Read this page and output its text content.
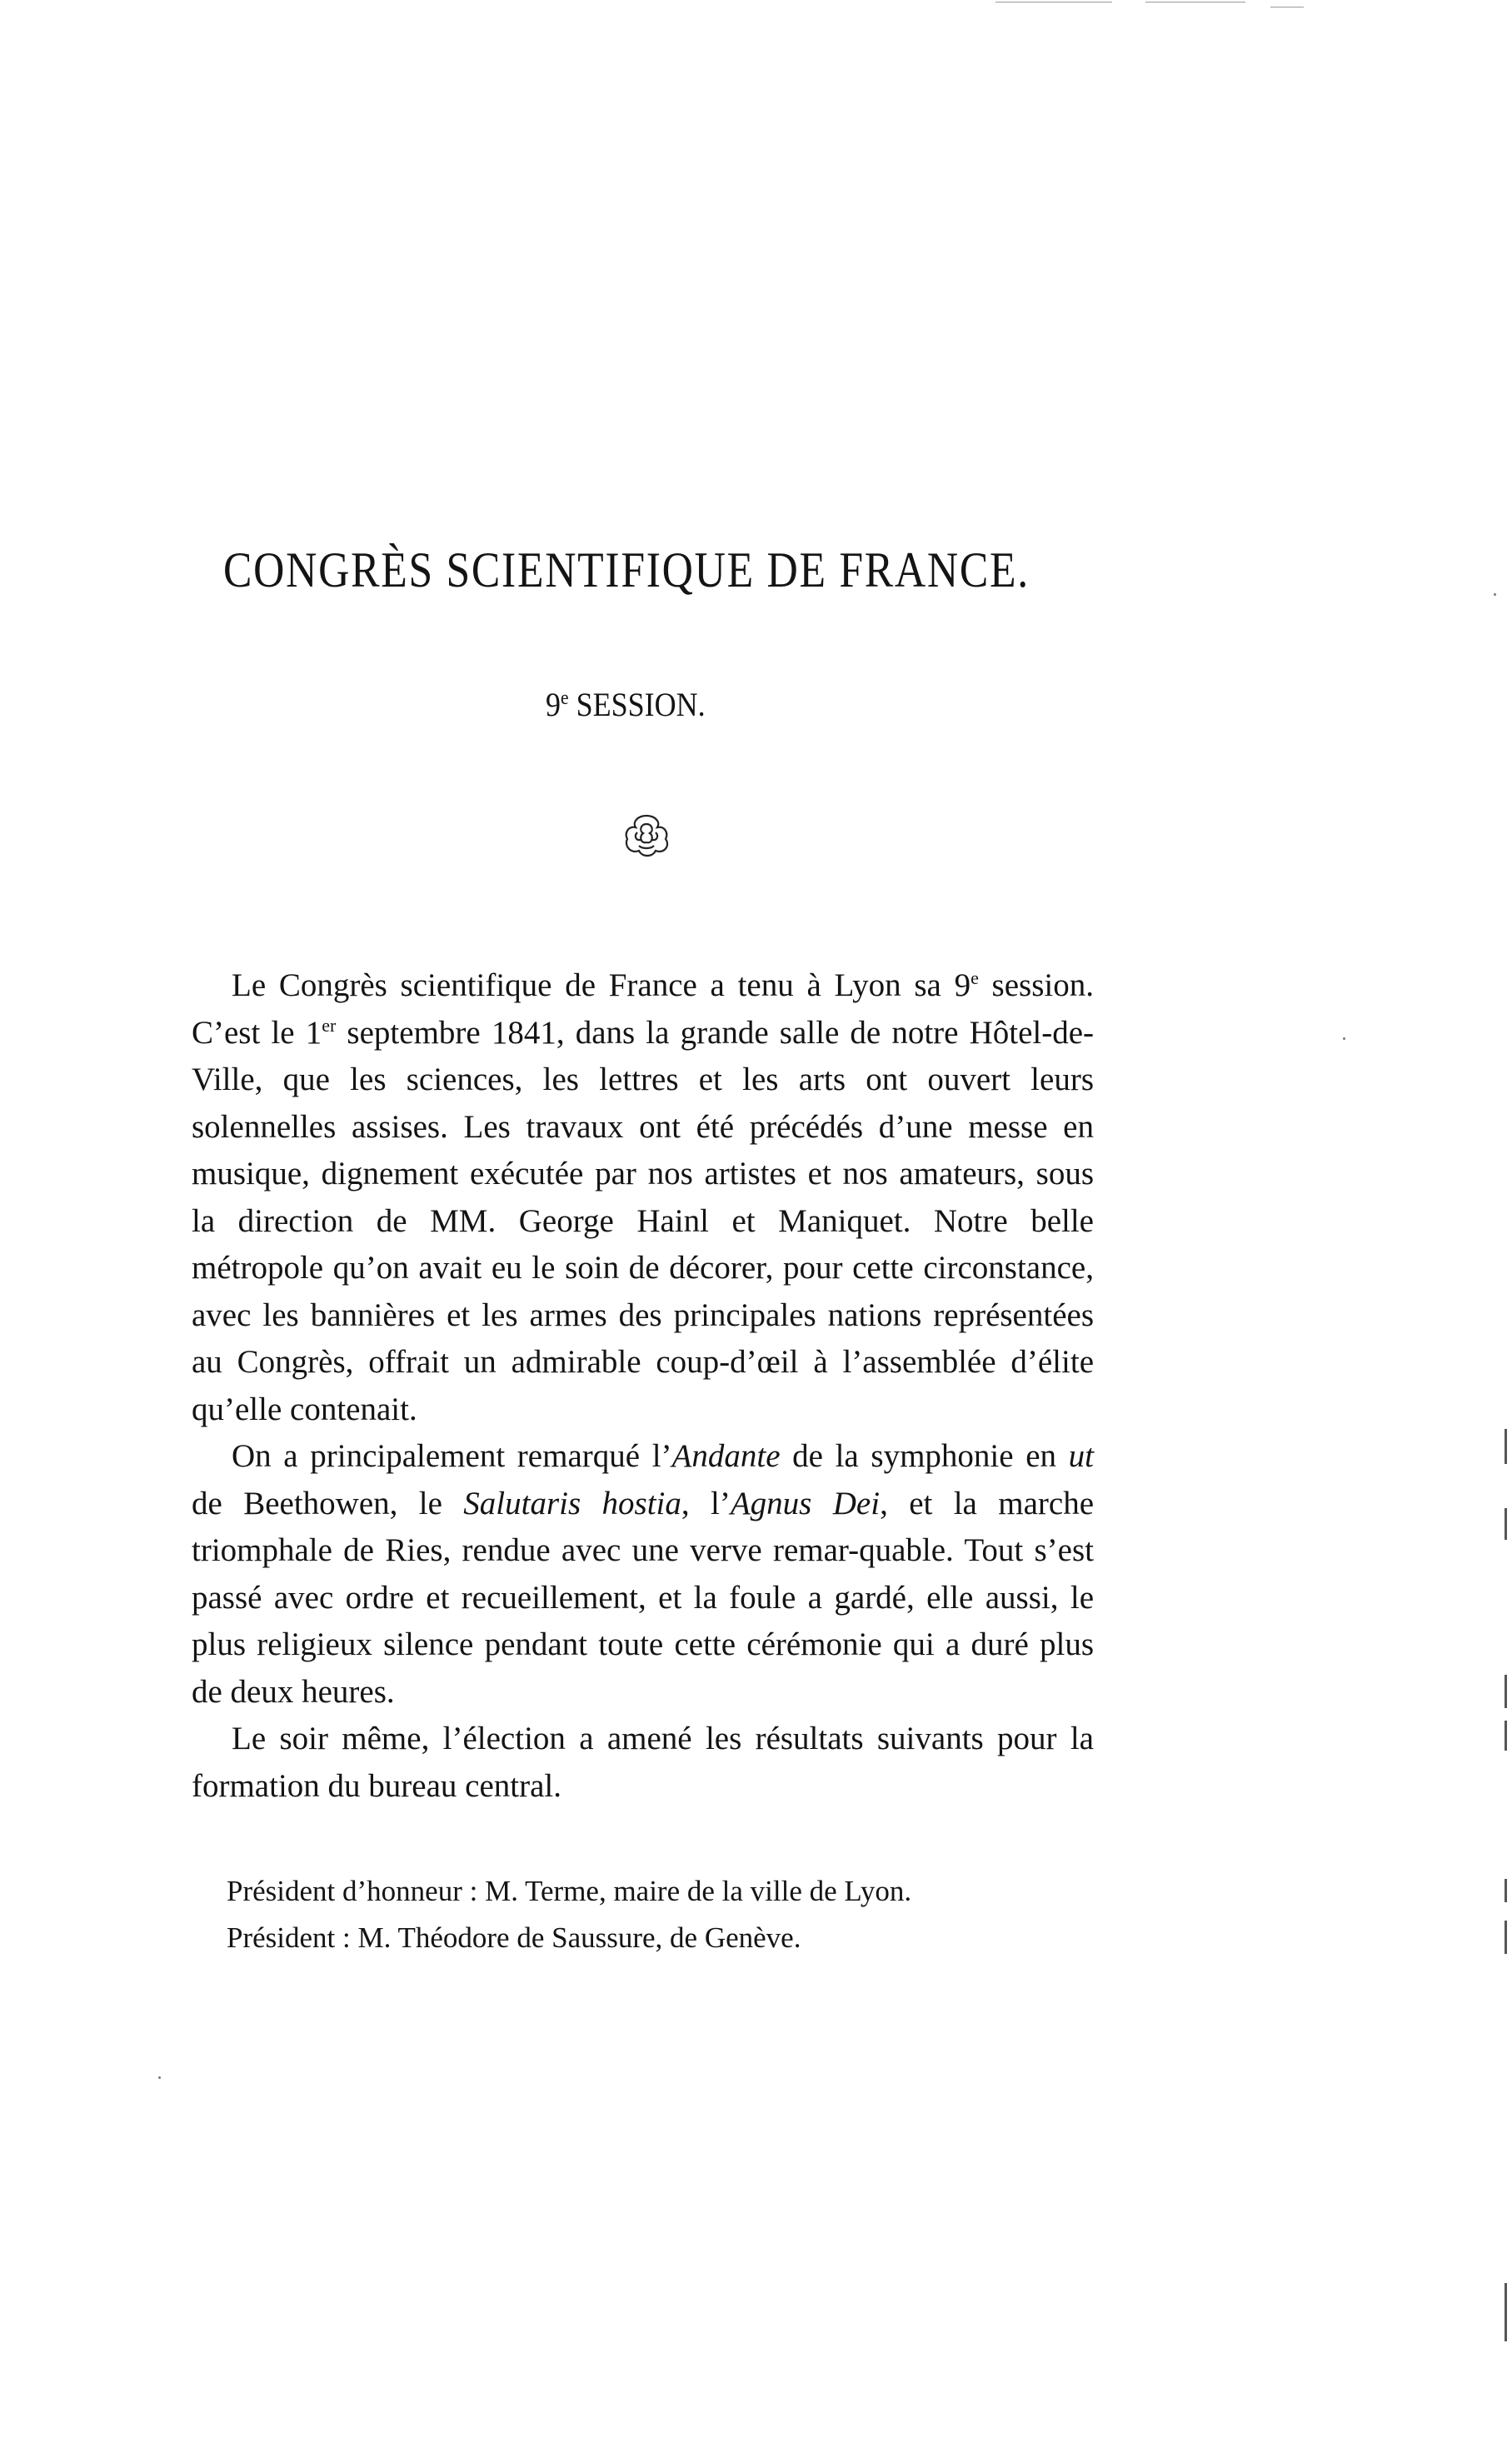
CONGRÈS SCIENTIFIQUE DE FRANCE.
9e SESSION.

Le Congrès scientifique de France a tenu à Lyon sa 9e session. C’est le 1er septembre 1841, dans la grande salle de notre Hôtel-de-Ville, que les sciences, les lettres et les arts ont ouvert leurs solennelles assises. Les travaux ont été précédés d’une messe en musique, dignement exécutée par nos artistes et nos amateurs, sous la direction de MM. George Hainl et Maniquet. Notre belle métropole qu’on avait eu le soin de décorer, pour cette circonstance, avec les bannières et les armes des principales nations représentées au Congrès, offrait un admirable coup-d’œil à l’assemblée d’élite qu’elle contenait.

On a principalement remarqué l’Andante de la symphonie en ut de Beethowen, le Salutaris hostia, l’Agnus Dei, et la marche triomphale de Ries, rendue avec une verve remar-quable. Tout s’est passé avec ordre et recueillement, et la foule a gardé, elle aussi, le plus religieux silence pendant toute cette cérémonie qui a duré plus de deux heures.

Le soir même, l’élection a amené les résultats suivants pour la formation du bureau central.

Président d’honneur : M. Terme, maire de la ville de Lyon.
Président : M. Théodore de Saussure, de Genève.
